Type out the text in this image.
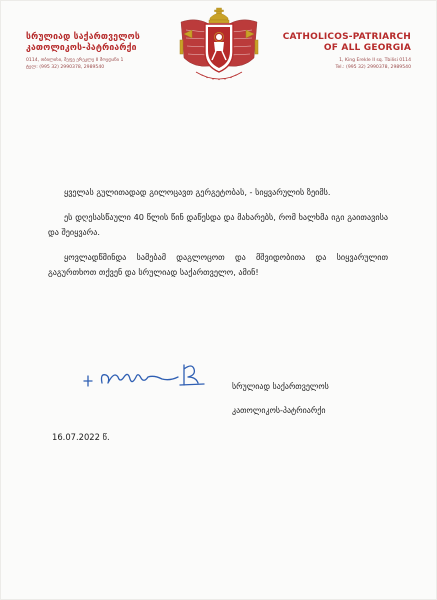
სრულიად საქართველოს
კათოლიკოს-პატრიარქი
0114, თბილისი, მეფე ერეკლე II მოედანი 1
ტელ: (995 32) 2990378, 2989540
CATHOLICOS-PATRIARCH
OF ALL GEORGIA
1, King Erekle II sq. Tbilisi 0114
Tel.: (995 32) 2990378, 2989540

ყველას გულითადად გილოცავთ გერგეტობას, - სიყვარულის ზეიმს.

ეს დღესასწაული 40 წლის წინ დაწესდა და მახარებს, რომ ხალხმა იგი გაითავისა და შეიყვარა.

ყოვლადწმინდა სამებამ დაგლოცოთ და მშვიდობითა და სიყვარულით გაგურთხოთ თქვენ და სრულიად საქართველო, ამინ!

სრულიად საქართველოს
კათოლიკოს-პატრიარქი
16.07.2022 წ.
